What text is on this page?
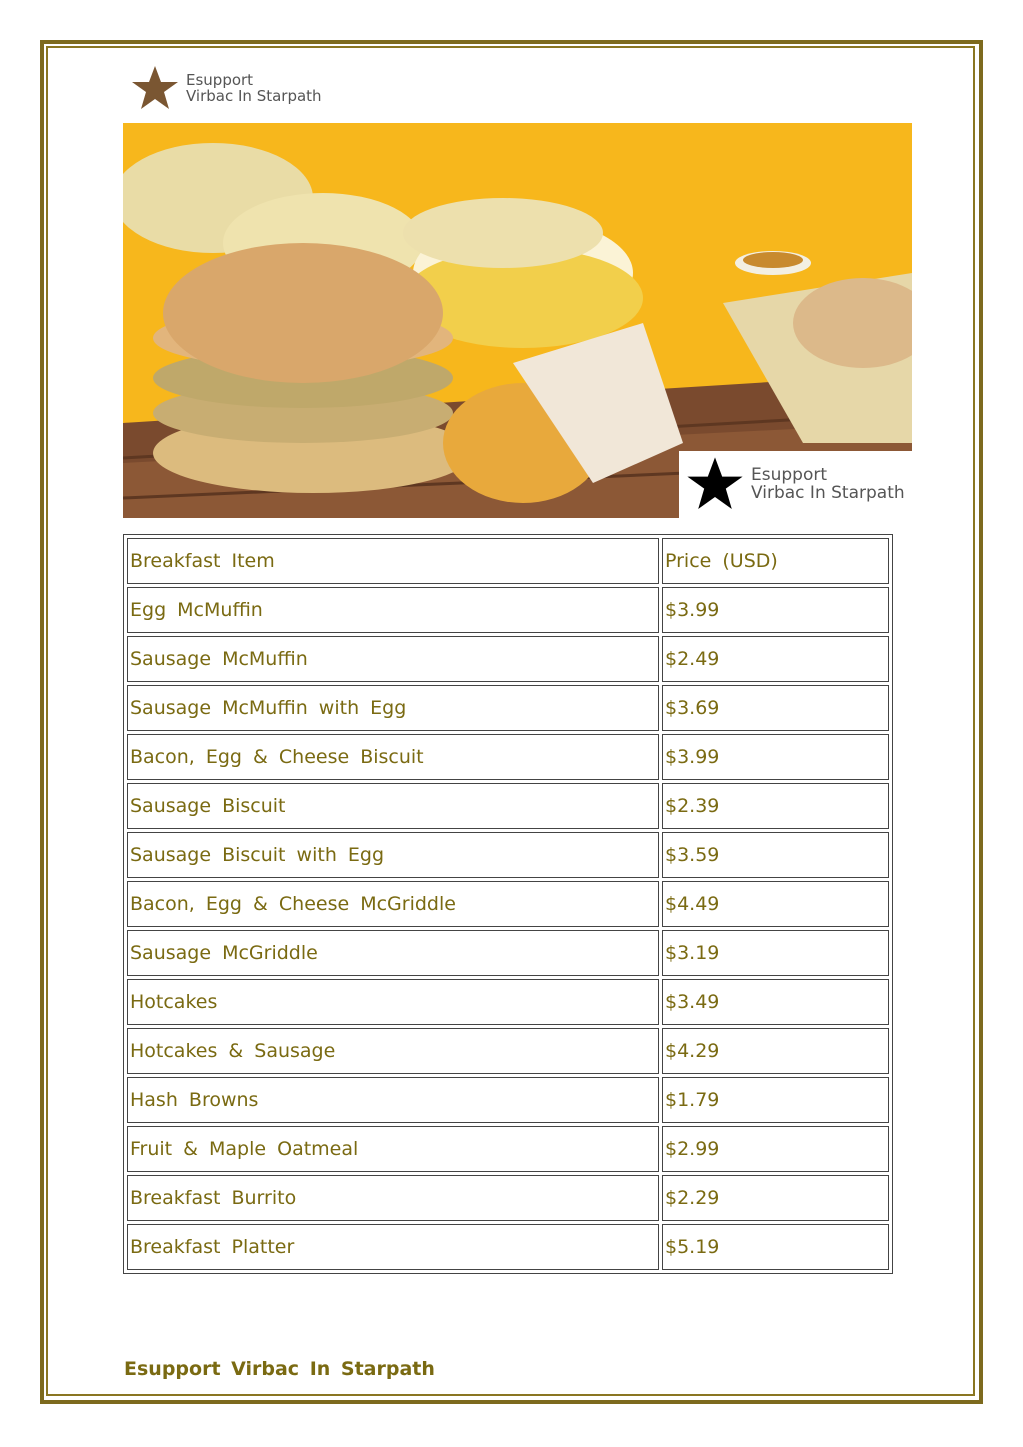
Esupport
Virbac In Starpath
Esupport
Virbac In Starpath
Breakfast Item	Price (USD)
Egg McMuffin	$3.99
Sausage McMuffin	$2.49
Sausage McMuffin with Egg	$3.69
Bacon, Egg & Cheese Biscuit	$3.99
Sausage Biscuit	$2.39
Sausage Biscuit with Egg	$3.59
Bacon, Egg & Cheese McGriddle	$4.49
Sausage McGriddle	$3.19
Hotcakes	$3.49
Hotcakes & Sausage	$4.29
Hash Browns	$1.79
Fruit & Maple Oatmeal	$2.99
Breakfast Burrito	$2.29
Breakfast Platter	$5.19
Esupport Virbac In Starpath
